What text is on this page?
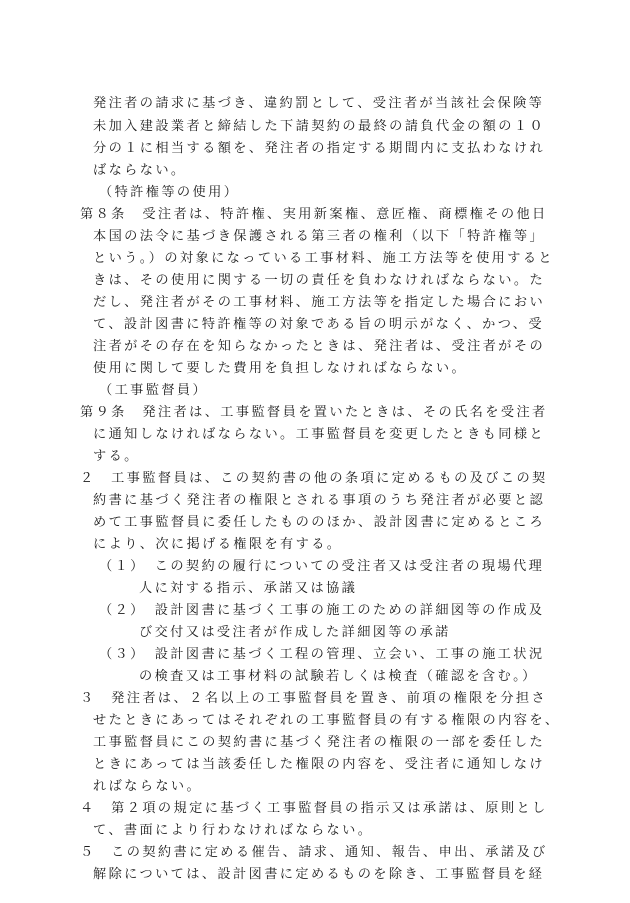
発注者の請求に基づき、違約罰として、受注者が当該社会保険等
未加入建設業者と締結した下請契約の最終の請負代金の額の１０
分の１に相当する額を、発注者の指定する期間内に支払わなけれ
ばならない。
（特許権等の使用）
第８条　受注者は、特許権、実用新案権、意匠権、商標権その他日
本国の法令に基づき保護される第三者の権利（以下「特許権等」
という。）の対象になっている工事材料、施工方法等を使用すると
きは、その使用に関する一切の責任を負わなければならない。た
だし、発注者がその工事材料、施工方法等を指定した場合におい
て、設計図書に特許権等の対象である旨の明示がなく、かつ、受
注者がその存在を知らなかったときは、発注者は、受注者がその
使用に関して要した費用を負担しなければならない。
（工事監督員）
第９条　発注者は、工事監督員を置いたときは、その氏名を受注者
に通知しなければならない。工事監督員を変更したときも同様と
する。
２　工事監督員は、この契約書の他の条項に定めるもの及びこの契
約書に基づく発注者の権限とされる事項のうち発注者が必要と認
めて工事監督員に委任したもののほか、設計図書に定めるところ
により、次に掲げる権限を有する。
（１）　この契約の履行についての受注者又は受注者の現場代理
人に対する指示、承諾又は協議
（２）　設計図書に基づく工事の施工のための詳細図等の作成及
び交付又は受注者が作成した詳細図等の承諾
（３）　設計図書に基づく工程の管理、立会い、工事の施工状況
の検査又は工事材料の試験若しくは検査（確認を含む。）
３　発注者は、２名以上の工事監督員を置き、前項の権限を分担さ
せたときにあってはそれぞれの工事監督員の有する権限の内容を、
工事監督員にこの契約書に基づく発注者の権限の一部を委任した
ときにあっては当該委任した権限の内容を、受注者に通知しなけ
ればならない。
４　第２項の規定に基づく工事監督員の指示又は承諾は、原則とし
て、書面により行わなければならない。
５　この契約書に定める催告、請求、通知、報告、申出、承諾及び
解除については、設計図書に定めるものを除き、工事監督員を経
